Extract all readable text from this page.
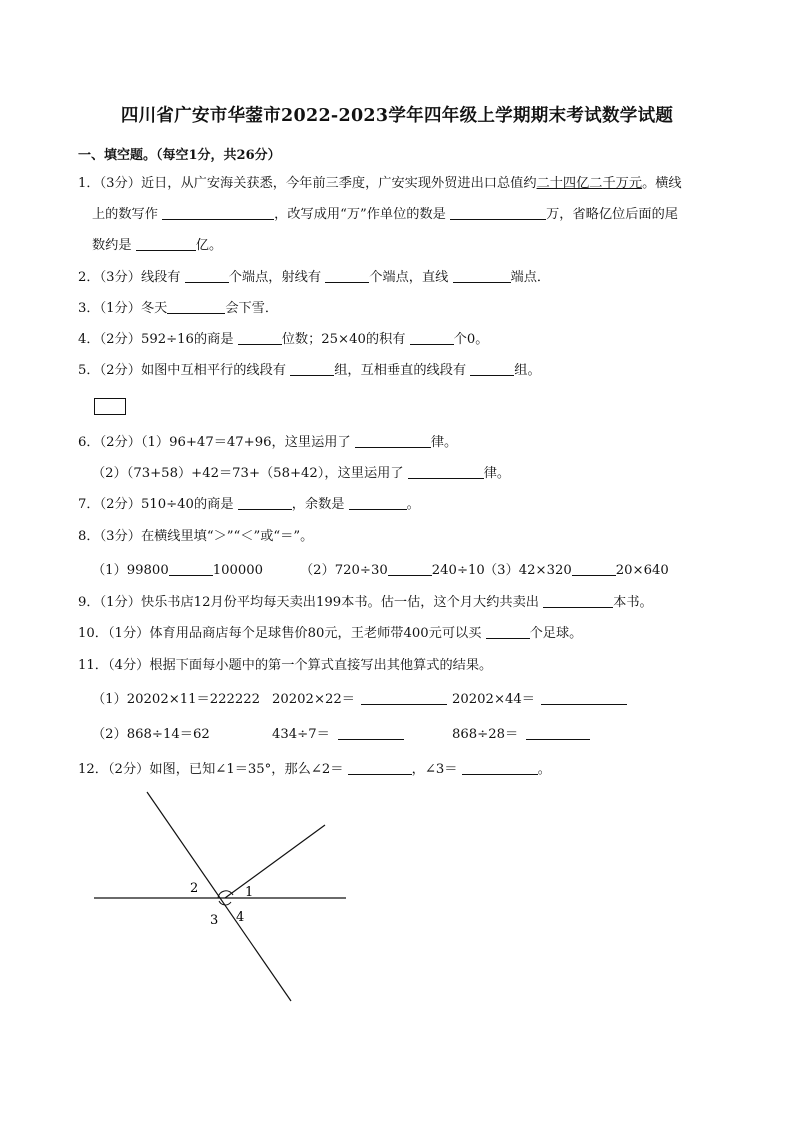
四川省广安市华蓥市2022-2023学年四年级上学期期末考试数学试题
一、填空题。（每空1分，共26分）
1．（3分）近日，从广安海关获悉，今年前三季度，广安实现外贸进出口总值约二十四亿二千万元。横线
上的数写作	，改写成用“万”作单位的数是	万，省略亿位后面的尾
数约是	亿。
2．（3分）线段有	个端点，射线有	个端点，直线	端点．
3．（1分）冬天	会下雪．
4．（2分）592÷16的商是	位数；25×40的积有	个0。
5．（2分）如图中互相平行的线段有	组，互相垂直的线段有	组。
6．（2分）（1）96+47＝47+96，这里运用了	律。
（2）（73+58）+42＝73+（58+42），这里运用了	律。
7．（2分）510÷40的商是	，余数是	。
8．（3分）在横线里填“＞”“＜”或“＝”。
（1）99800	100000	（2）720÷30	240÷10 （3）42×320	20×640
9．（1分）快乐书店12月份平均每天卖出199本书。估一估，这个月大约共卖出	本书。
10．（1分）体育用品商店每个足球售价80元，王老师带400元可以买	个足球。
11．（4分）根据下面每小题中的第一个算式直接写出其他算式的结果。
（1）20202×11＝222222 20202×22＝	20202×44＝
（2）868÷14＝62	434÷7＝	868÷28＝
12．（2分）如图，已知∠1＝35°，那么∠2＝	，∠3＝	。
1
2
3 4
